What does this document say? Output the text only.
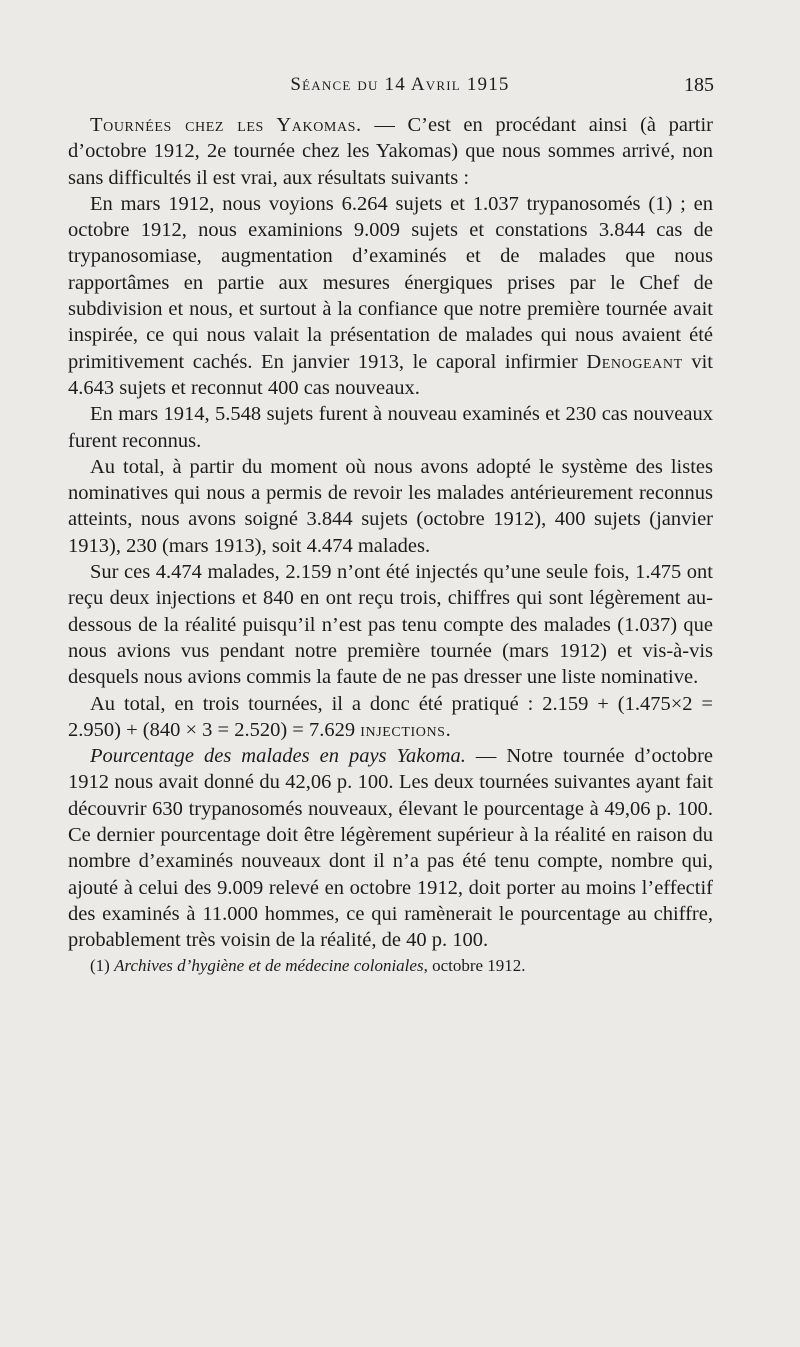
Séance du 14 Avril 1915	185

Tournées chez les Yakomas. — C’est en procédant ainsi (à partir d’octobre 1912, 2e tournée chez les Yakomas) que nous sommes arrivé, non sans difficultés il est vrai, aux résultats suivants :

En mars 1912, nous voyions 6.264 sujets et 1.037 trypanosomés (1) ; en octobre 1912, nous examinions 9.009 sujets et constations 3.844 cas de trypanosomiase, augmentation d’examinés et de malades que nous rapportâmes en partie aux mesures énergiques prises par le Chef de subdivision et nous, et surtout à la confiance que notre première tournée avait inspirée, ce qui nous valait la présentation de malades qui nous avaient été primitivement cachés. En janvier 1913, le caporal infirmier Denogeant vit 4.643 sujets et reconnut 400 cas nouveaux.

En mars 1914, 5.548 sujets furent à nouveau examinés et 230 cas nouveaux furent reconnus.

Au total, à partir du moment où nous avons adopté le système des listes nominatives qui nous a permis de revoir les malades antérieurement reconnus atteints, nous avons soigné 3.844 sujets (octobre 1912), 400 sujets (janvier 1913), 230 (mars 1913), soit 4.474 malades.

Sur ces 4.474 malades, 2.159 n’ont été injectés qu’une seule fois, 1.475 ont reçu deux injections et 840 en ont reçu trois, chiffres qui sont légèrement au-dessous de la réalité puisqu’il n’est pas tenu compte des malades (1.037) que nous avions vus pendant notre première tournée (mars 1912) et vis-à-vis desquels nous avions commis la faute de ne pas dresser une liste nominative.

Au total, en trois tournées, il a donc été pratiqué : 2.159 + (1.475×2 = 2.950) + (840 × 3 = 2.520) = 7.629 injections.

Pourcentage des malades en pays Yakoma. — Notre tournée d’octobre 1912 nous avait donné du 42,06 p. 100. Les deux tournées suivantes ayant fait découvrir 630 trypanosomés nouveaux, élevant le pourcentage à 49,06 p. 100. Ce dernier pourcentage doit être légèrement supérieur à la réalité en raison du nombre d’examinés nouveaux dont il n’a pas été tenu compte, nombre qui, ajouté à celui des 9.009 relevé en octobre 1912, doit porter au moins l’effectif des examinés à 11.000 hommes, ce qui ramènerait le pourcentage au chiffre, probablement très voisin de la réalité, de 40 p. 100.

(1) Archives d’hygiène et de médecine coloniales, octobre 1912.
